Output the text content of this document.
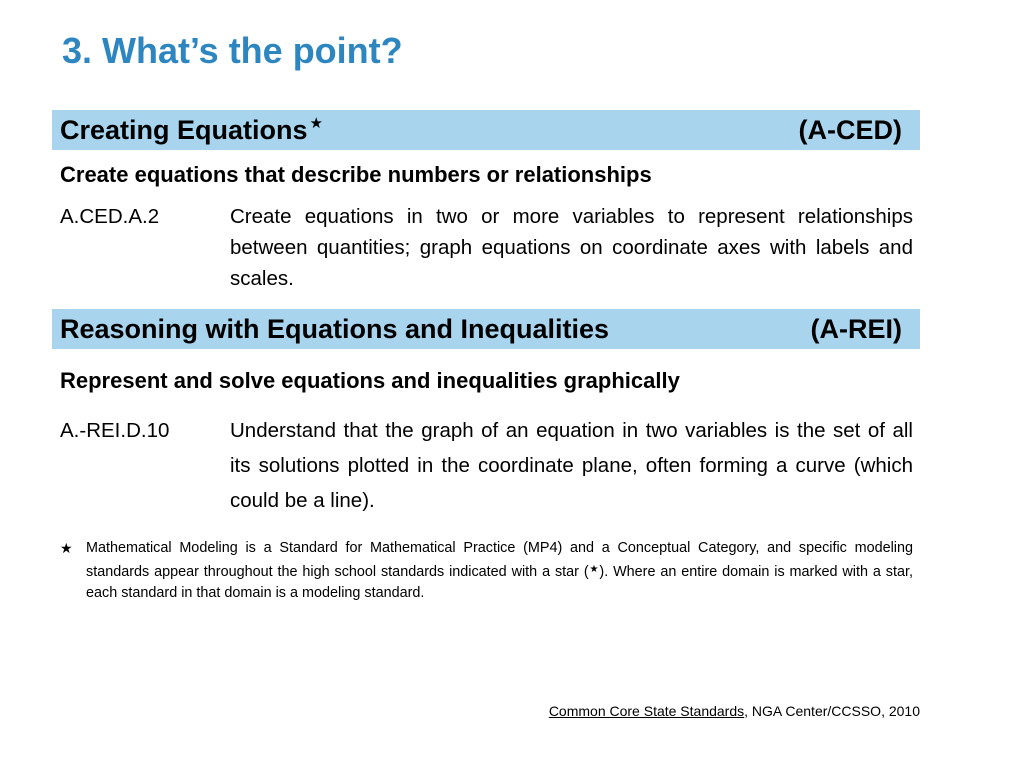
3. What’s the point?
Creating Equations ★	(A-CED)

Create equations that describe numbers or relationships

A.CED.A.2	Create equations in two or more variables to represent relationships between quantities; graph equations on coordinate axes with labels and scales.
Reasoning with Equations and Inequalities	(A-REI)

Represent and solve equations and inequalities graphically

A.-REI.D.10	Understand that the graph of an equation in two variables is the set of all its solutions plotted in the coordinate plane, often forming a curve (which could be a line).
★ Mathematical Modeling is a Standard for Mathematical Practice (MP4) and a Conceptual Category, and specific modeling standards appear throughout the high school standards indicated with a star (★). Where an entire domain is marked with a star, each standard in that domain is a modeling standard.
Common Core State Standards, NGA Center/CCSSO, 2010
